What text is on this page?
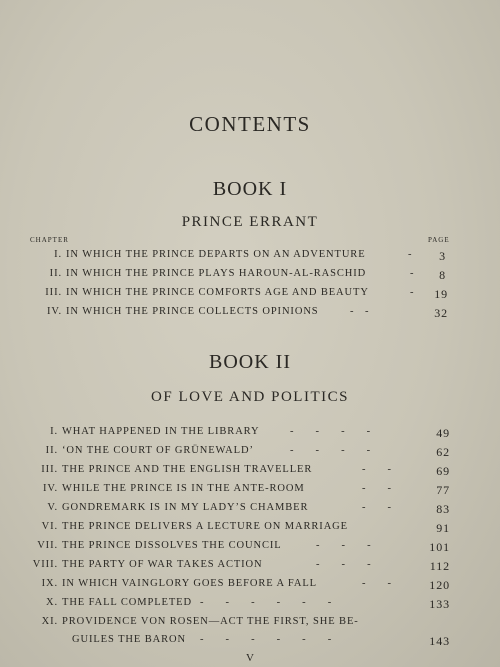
CONTENTS
BOOK I
PRINCE ERRANT
CHAPTER	PAGE
I. IN WHICH THE PRINCE DEPARTS ON AN ADVENTURE	-	3
II. IN WHICH THE PRINCE PLAYS HAROUN-AL-RASCHID	-	8
III. IN WHICH THE PRINCE COMFORTS AGE AND BEAUTY	-	19
IV. IN WHICH THE PRINCE COLLECTS OPINIONS	-   -	32
BOOK II
OF LOVE AND POLITICS
I. WHAT HAPPENED IN THE LIBRARY	-      -      -      -	49
II. ‘ON THE COURT OF GRÜNEWALD’	-      -      -      -	62
III. THE PRINCE AND THE ENGLISH TRAVELLER	-      -	69
IV. WHILE THE PRINCE IS IN THE ANTE-ROOM	-      -	77
V. GONDREMARK IS IN MY LADY’S CHAMBER	-      -	83
VI. THE PRINCE DELIVERS A LECTURE ON MARRIAGE	91
VII. THE PRINCE DISSOLVES THE COUNCIL	-      -      -	101
VIII. THE PARTY OF WAR TAKES ACTION	-      -      -	112
IX. IN WHICH VAINGLORY GOES BEFORE A FALL	-      -	120
X. THE FALL COMPLETED -      -      -      -      -      -	133
XI. PROVIDENCE VON ROSEN—ACT THE FIRST, SHE BE-
GUILES THE BARON -      -      -      -      -      -	143
V
